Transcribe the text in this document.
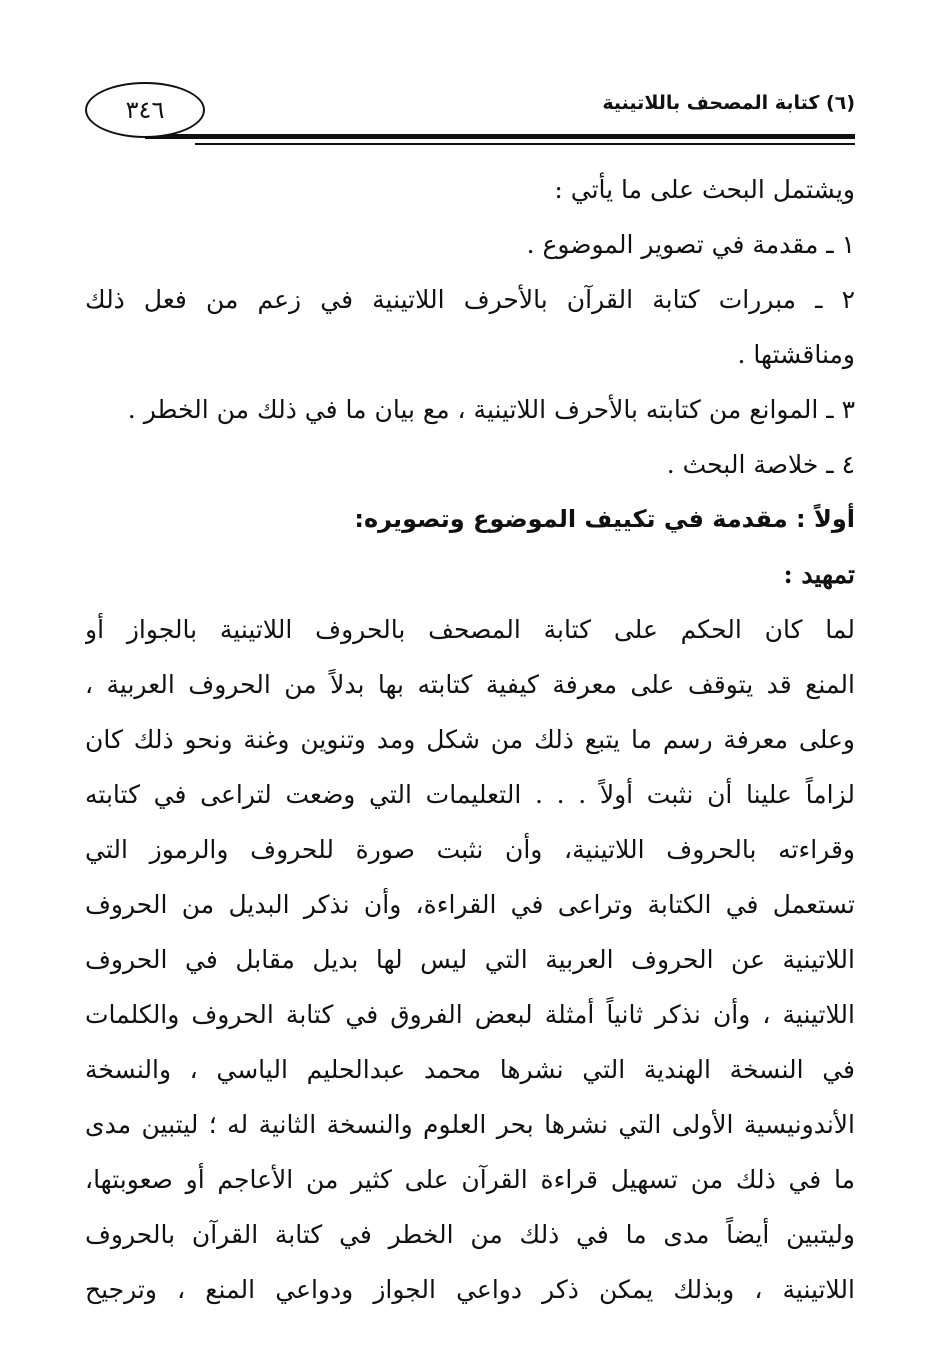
٣٤٦	(٦) كتابة المصحف باللاتينية
ويشتمل البحث على ما يأتي :
١ ـ مقدمة في تصوير الموضوع .
٢ ـ مبررات كتابة القرآن بالأحرف اللاتينية في زعم من فعل ذلك
ومناقشتها .
٣ ـ الموانع من كتابته بالأحرف اللاتينية ، مع بيان ما في ذلك من الخطر .
٤ ـ خلاصة البحث .
أولاً : مقدمة في تكييف الموضوع وتصويره:
تمهيد :
لما كان الحكم على كتابة المصحف بالحروف اللاتينية بالجواز أو
المنع قد يتوقف على معرفة كيفية كتابته بها بدلاً من الحروف العربية ،
وعلى معرفة رسم ما يتبع ذلك من شكل ومد وتنوين وغنة ونحو ذلك كان
لزاماً علينا أن نثبت أولاً . . . التعليمات التي وضعت لتراعى في كتابته
وقراءته بالحروف اللاتينية، وأن نثبت صورة للحروف والرموز التي
تستعمل في الكتابة وتراعى في القراءة، وأن نذكر البديل من الحروف
اللاتينية عن الحروف العربية التي ليس لها بديل مقابل في الحروف
اللاتينية ، وأن نذكر ثانياً أمثلة لبعض الفروق في كتابة الحروف والكلمات
في النسخة الهندية التي نشرها محمد عبدالحليم الياسي ، والنسخة
الأندونيسية الأولى التي نشرها بحر العلوم والنسخة الثانية له ؛ ليتبين مدى
ما في ذلك من تسهيل قراءة القرآن على كثير من الأعاجم أو صعوبتها،
وليتبين أيضاً مدى ما في ذلك من الخطر في كتابة القرآن بالحروف
اللاتينية ، وبذلك يمكن ذكر دواعي الجواز ودواعي المنع ، وترجيح
